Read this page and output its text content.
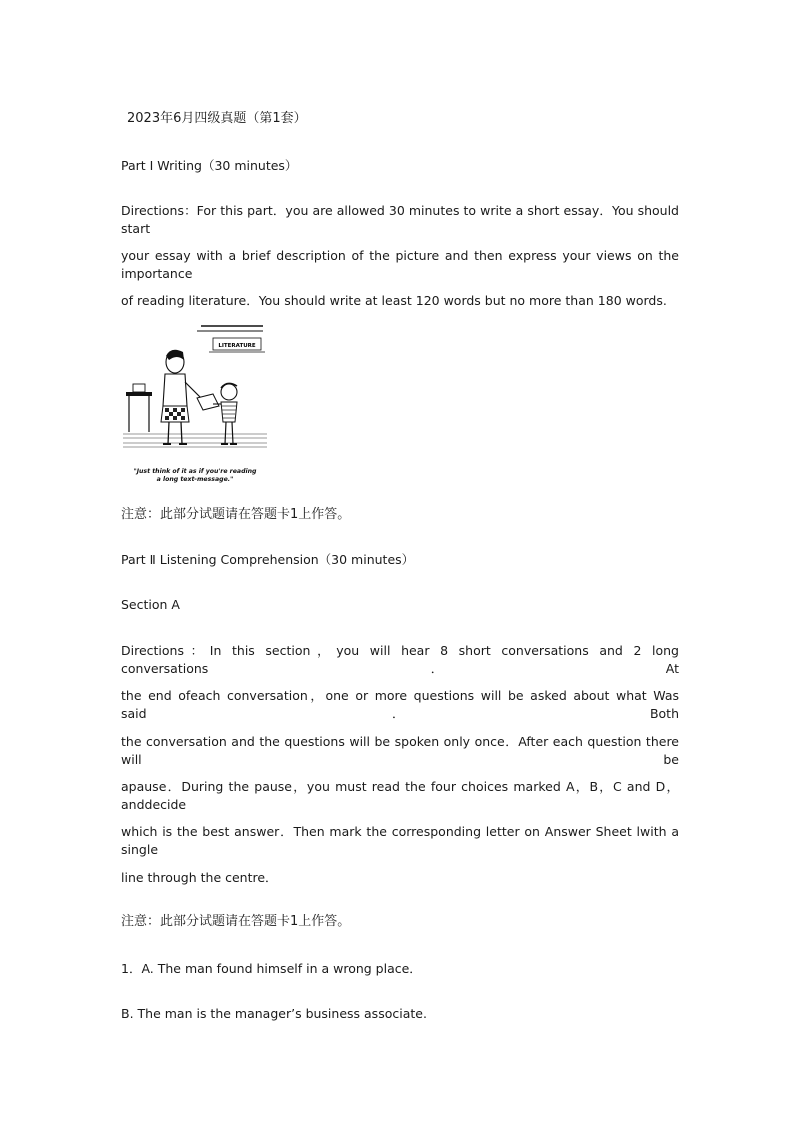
2023年6月四级真题（第1套）
Part Ⅰ Writing（30 minutes）
Directions：For this part．you are allowed 30 minutes to write a short essay．You should start
your essay with a brief description of the picture and then express your views on the importance
of reading literature．You should write at least 120 words but no more than 180 words.
LITERATURE
"Just think of it as if you're reading
a long text-message."
注意：此部分试题请在答题卡1上作答。
Part Ⅱ Listening Comprehension（30 minutes）
Section A
Directions：In this section，you will hear 8 short conversations and 2 long conversations．At
the end ofeach conversation，one or more questions will be asked about what Was said．Both
the conversation and the questions will be spoken only once．After each question there will be
apause．During the pause，you must read the four choices marked A，B，C and D，anddecide
which is the best answer．Then mark the corresponding letter on Answer Sheet lwith a single
line through the centre．
注意：此部分试题请在答题卡1上作答。
1．A. The man found himself in a wrong place．
B. The man is the manager’s business associate.
